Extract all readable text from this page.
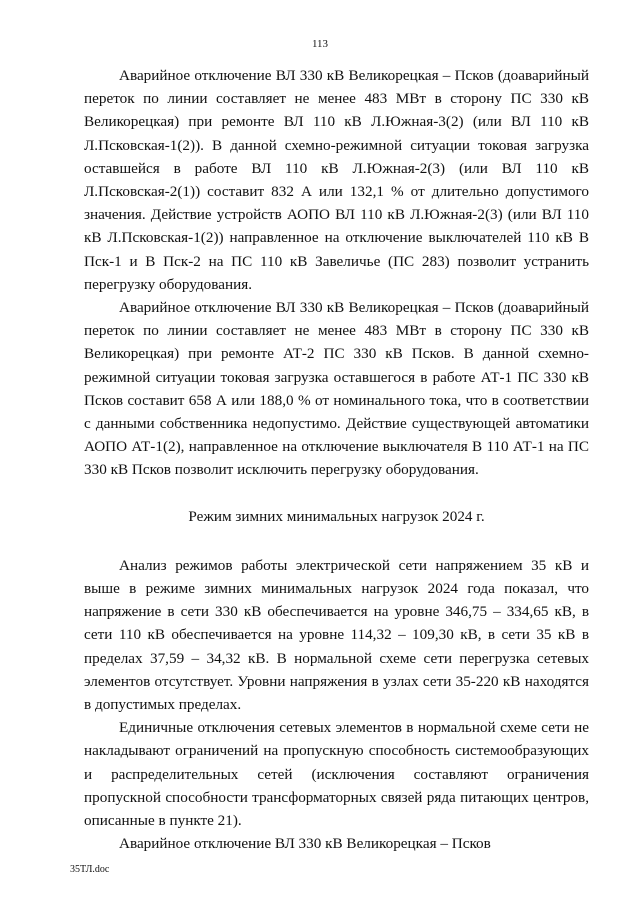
113

Аварийное отключение ВЛ 330 кВ Великорецкая – Псков (доаварийный переток по линии составляет не менее 483 МВт в сторону ПС 330 кВ Великорецкая) при ремонте ВЛ 110 кВ Л.Южная-3(2) (или ВЛ 110 кВ Л.Псковская-1(2)). В данной схемно-режимной ситуации токовая загрузка оставшейся в работе ВЛ 110 кВ Л.Южная-2(3) (или ВЛ 110 кВ Л.Псковская-2(1)) составит 832 А или 132,1 % от длительно допустимого значения. Действие устройств АОПО ВЛ 110 кВ Л.Южная-2(3) (или ВЛ 110 кВ Л.Псковская-1(2)) направленное на отключение выключателей 110 кВ В Пск-1 и В Пск-2 на ПС 110 кВ Завеличье (ПС 283) позволит устранить перегрузку оборудования.

Аварийное отключение ВЛ 330 кВ Великорецкая – Псков (доаварийный переток по линии составляет не менее 483 МВт в сторону ПС 330 кВ Великорецкая) при ремонте АТ-2 ПС 330 кВ Псков. В данной схемно-режимной ситуации токовая загрузка оставшегося в работе АТ-1 ПС 330 кВ Псков составит 658 А или 188,0 % от номинального тока, что в соответствии с данными собственника недопустимо. Действие существующей автоматики АОПО АТ-1(2), направленное на отключение выключателя В 110 АТ-1 на ПС 330 кВ Псков позволит исключить перегрузку оборудования.

Режим зимних минимальных нагрузок 2024 г.

Анализ режимов работы электрической сети напряжением 35 кВ и выше в режиме зимних минимальных нагрузок 2024 года показал, что напряжение в сети 330 кВ обеспечивается на уровне 346,75 – 334,65 кВ, в сети 110 кВ обеспечивается на уровне 114,32 – 109,30 кВ, в сети 35 кВ в пределах 37,59 – 34,32 кВ. В нормальной схеме сети перегрузка сетевых элементов отсутствует. Уровни напряжения в узлах сети 35-220 кВ находятся в допустимых пределах.

Единичные отключения сетевых элементов в нормальной схеме сети не накладывают ограничений на пропускную способность системообразующих и распределительных сетей (исключения составляют ограничения пропускной способности трансформаторных связей ряда питающих центров, описанные в пункте 21).

Аварийное отключение ВЛ 330 кВ Великорецкая – Псков

35ТЛ.doc
